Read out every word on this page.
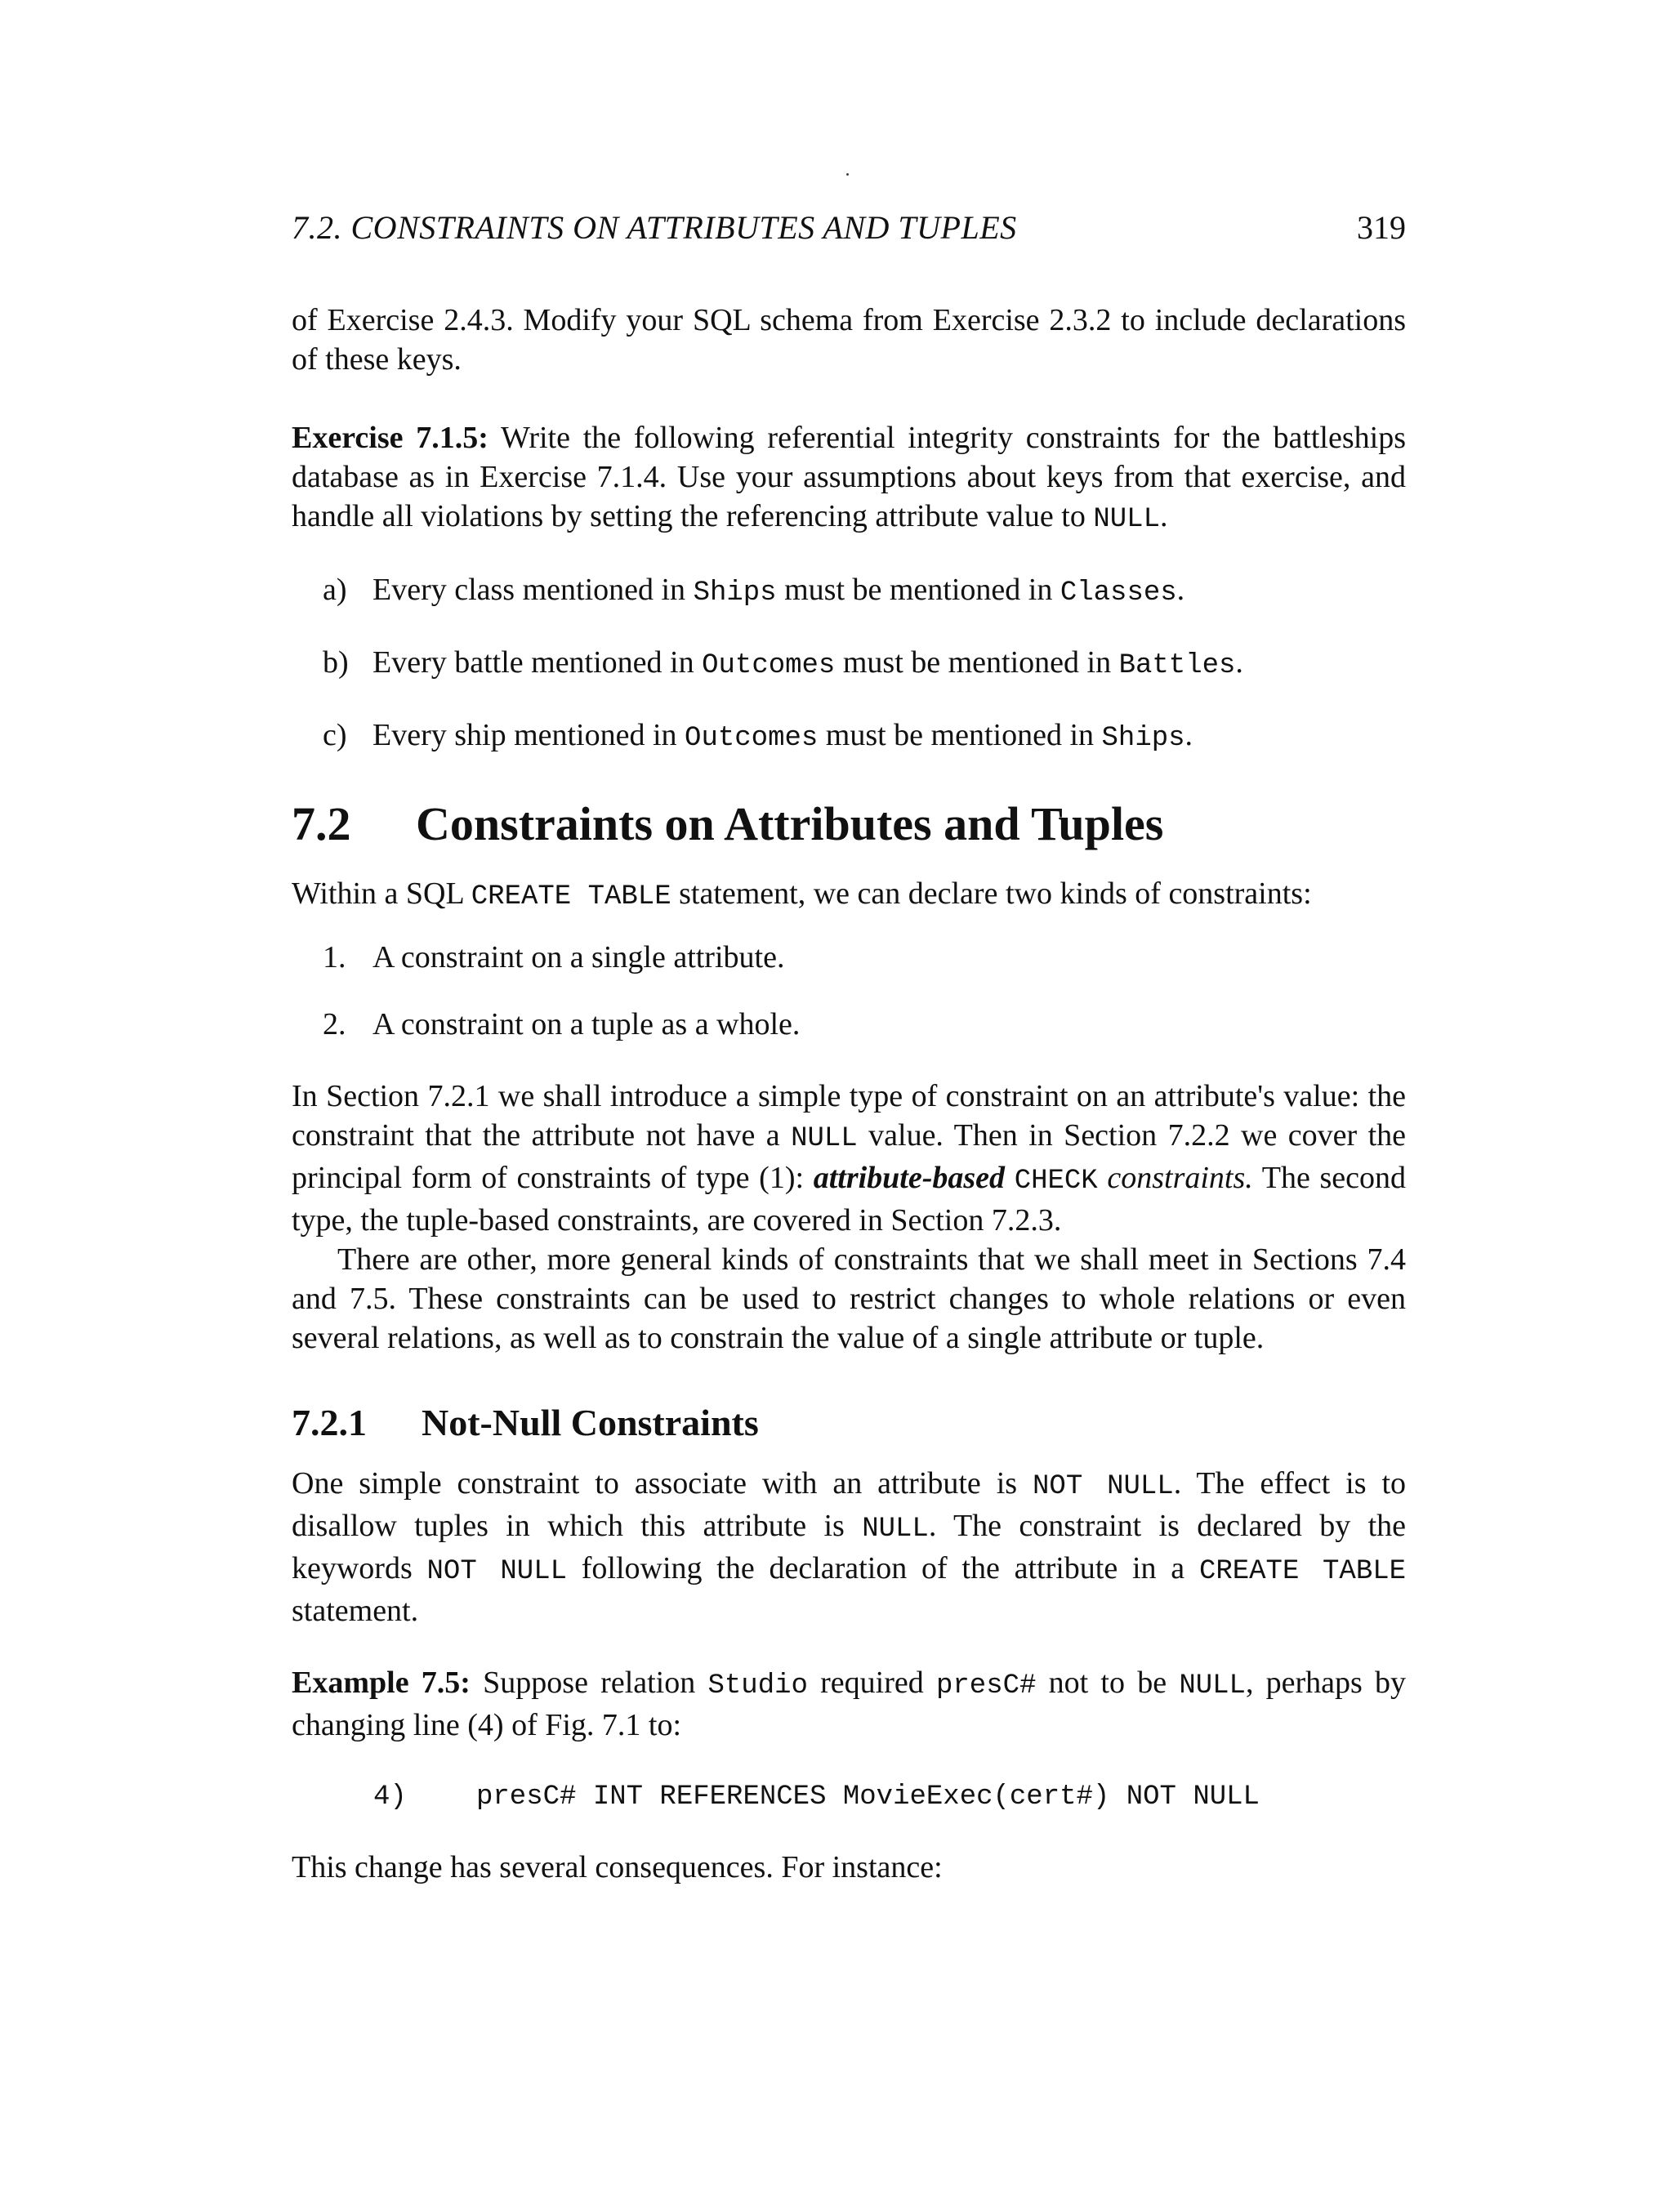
7.2. CONSTRAINTS ON ATTRIBUTES AND TUPLES	319

of Exercise 2.4.3. Modify your SQL schema from Exercise 2.3.2 to include declarations of these keys.

Exercise 7.1.5: Write the following referential integrity constraints for the battleships database as in Exercise 7.1.4. Use your assumptions about keys from that exercise, and handle all violations by setting the referencing attribute value to NULL.

a) Every class mentioned in Ships must be mentioned in Classes.
b) Every battle mentioned in Outcomes must be mentioned in Battles.
c) Every ship mentioned in Outcomes must be mentioned in Ships.
7.2 Constraints on Attributes and Tuples

Within a SQL CREATE TABLE statement, we can declare two kinds of constraints:

1. A constraint on a single attribute.
2. A constraint on a tuple as a whole.

In Section 7.2.1 we shall introduce a simple type of constraint on an attribute's value: the constraint that the attribute not have a NULL value. Then in Section 7.2.2 we cover the principal form of constraints of type (1): attribute-based CHECK constraints. The second type, the tuple-based constraints, are covered in Section 7.2.3.

There are other, more general kinds of constraints that we shall meet in Sections 7.4 and 7.5. These constraints can be used to restrict changes to whole relations or even several relations, as well as to constrain the value of a single attribute or tuple.

7.2.1 Not-Null Constraints

One simple constraint to associate with an attribute is NOT NULL. The effect is to disallow tuples in which this attribute is NULL. The constraint is declared by the keywords NOT NULL following the declaration of the attribute in a CREATE TABLE statement.

Example 7.5: Suppose relation Studio required presC# not to be NULL, perhaps by changing line (4) of Fig. 7.1 to:

4)	presC# INT REFERENCES MovieExec(cert#) NOT NULL

This change has several consequences. For instance:
